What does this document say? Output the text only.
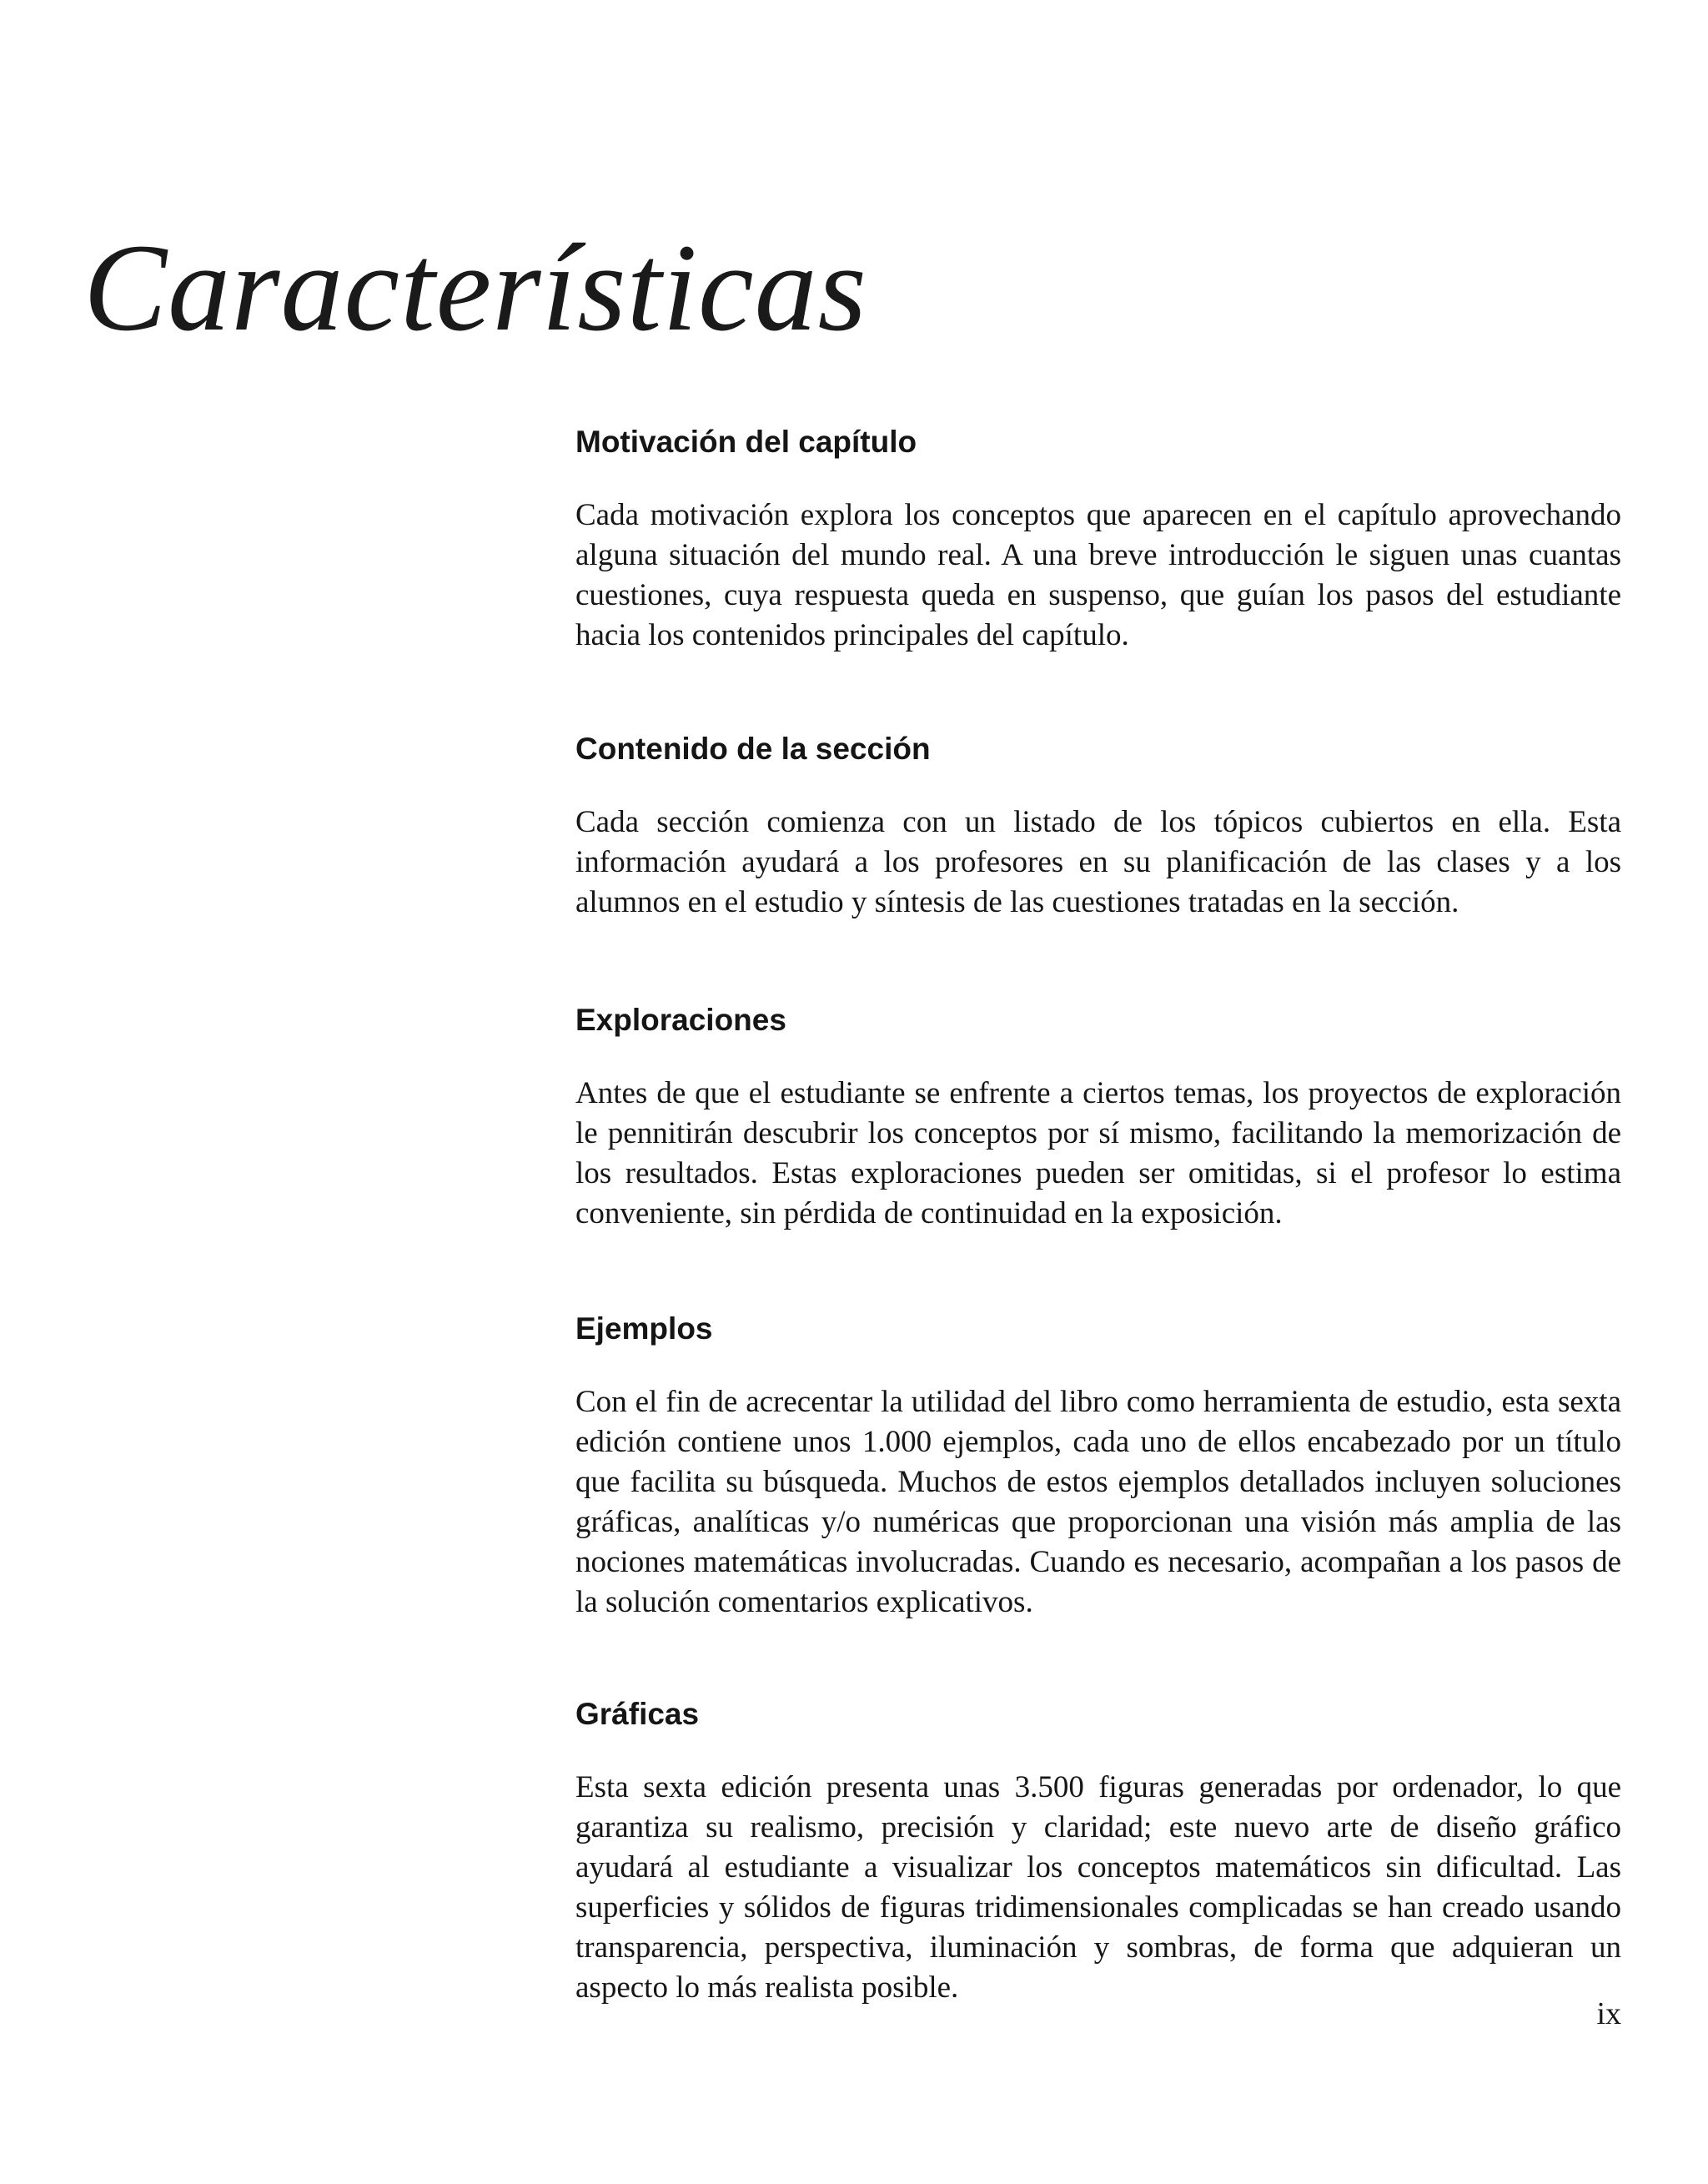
Características
Motivación del capítulo

Cada motivación explora los conceptos que aparecen en el capítulo aprovechando alguna situación del mundo real. A una breve introducción le siguen unas cuantas cuestiones, cuya respuesta queda en suspenso, que guían los pasos del estudiante hacia los contenidos principales del capítulo.

Contenido de la sección

Cada sección comienza con un listado de los tópicos cubiertos en ella. Esta información ayudará a los profesores en su planificación de las clases y a los alumnos en el estudio y síntesis de las cuestiones tratadas en la sección.

Exploraciones

Antes de que el estudiante se enfrente a ciertos temas, los proyectos de exploración le pennitirán descubrir los conceptos por sí mismo, facilitando la memorización de los resultados. Estas exploraciones pueden ser omitidas, si el profesor lo estima conveniente, sin pérdida de continuidad en la exposición.

Ejemplos

Con el fin de acrecentar la utilidad del libro como herramienta de estudio, esta sexta edición contiene unos 1.000 ejemplos, cada uno de ellos encabezado por un título que facilita su búsqueda. Muchos de estos ejemplos detallados incluyen soluciones gráficas, analíticas y/o numéricas que proporcionan una visión más amplia de las nociones matemáticas involucradas. Cuando es necesario, acompañan a los pasos de la solución comentarios explicativos.

Gráficas

Esta sexta edición presenta unas 3.500 figuras generadas por ordenador, lo que garantiza su realismo, precisión y claridad; este nuevo arte de diseño gráfico ayudará al estudiante a visualizar los conceptos matemáticos sin dificultad. Las superficies y sólidos de figuras tridimensionales complicadas se han creado usando transparencia, perspectiva, iluminación y sombras, de forma que adquieran un aspecto lo más realista posible.

ix
